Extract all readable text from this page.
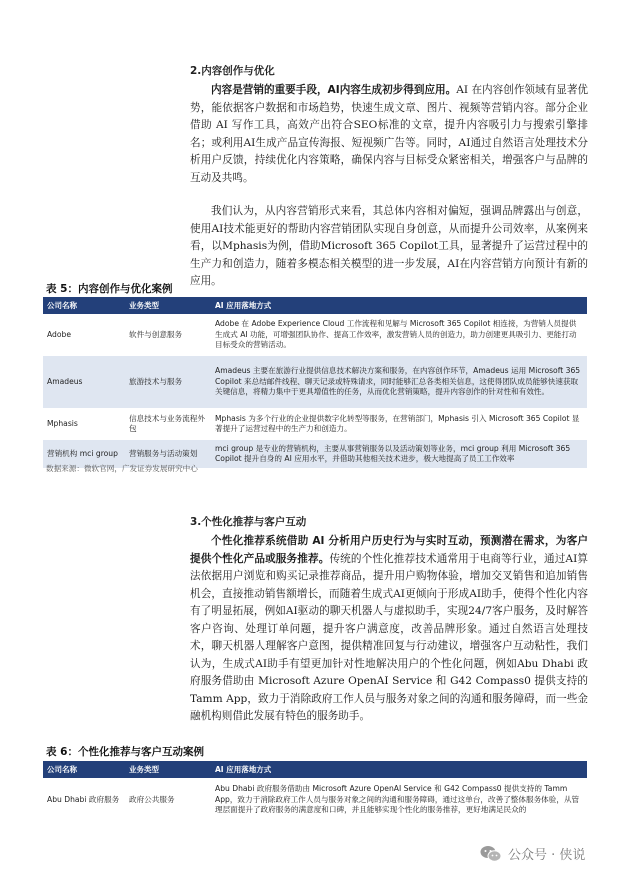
2.内容创作与优化
内容是营销的重要手段，AI内容生成初步得到应用。AI 在内容创作领域有显著优势，能依据客户数据和市场趋势，快速生成文章、图片、视频等营销内容。部分企业借助 AI 写作工具，高效产出符合SEO标准的文章，提升内容吸引力与搜索引擎排名；或利用AI生成产品宣传海报、短视频广告等。同时，AI通过自然语言处理技术分析用户反馈，持续优化内容策略，确保内容与目标受众紧密相关，增强客户与品牌的互动及共鸣。
我们认为，从内容营销形式来看，其总体内容相对偏短，强调品牌露出与创意，使用AI技术能更好的帮助内容营销团队实现自身创意，从而提升公司效率，从案例来看，以Mphasis为例，借助Microsoft 365 Copilot工具，显著提升了运营过程中的生产力和创造力，随着多模态相关模型的进一步发展，AI在内容营销方向预计有新的应用。
表 5：内容创作与优化案例
公司名称	业务类型	AI 应用落地方式
Adobe	软件与创意服务	Adobe 在 Adobe Experience Cloud 工作流程和见解与 Microsoft 365 Copilot 相连接，为营销人员提供生成式 AI 功能，可增强团队协作、提高工作效率，激发营销人员的创造力，助力创建更具吸引力、更能打动目标受众的营销活动。
Amadeus	旅游技术与服务	Amadeus 主要在旅游行业提供信息技术解决方案和服务，在内容创作环节，Amadeus 运用 Microsoft 365 Copilot 来总结邮件线程、聊天记录或特殊请求，同时能够汇总各类相关信息，这使得团队成员能够快速获取关键信息，将精力集中于更具增值性的任务，从而优化营销策略，提升内容创作的针对性和有效性。
Mphasis	信息技术与业务流程外包	Mphasis 为多个行业的企业提供数字化转型等服务，在营销部门，Mphasis 引入 Microsoft 365 Copilot 显著提升了运营过程中的生产力和创造力。
营销机构 mci group	营销服务与活动策划	mci group 是专业的营销机构，主要从事营销服务以及活动策划等业务，mci group 利用 Microsoft 365 Copilot 提升自身的 AI 应用水平，并借助其他相关技术进步，极大地提高了员工工作效率
数据来源：微软官网，广发证券发展研究中心
3.个性化推荐与客户互动
个性化推荐系统借助 AI 分析用户历史行为与实时互动，预测潜在需求，为客户提供个性化产品或服务推荐。传统的个性化推荐技术通常用于电商等行业，通过AI算法依据用户浏览和购买记录推荐商品，提升用户购物体验，增加交叉销售和追加销售机会，直接推动销售额增长，而随着生成式AI更倾向于形成AI助手，使得个性化内容有了明显拓展，例如AI驱动的聊天机器人与虚拟助手，实现24/7客户服务，及时解答客户咨询、处理订单问题，提升客户满意度，改善品牌形象。通过自然语言处理技术，聊天机器人理解客户意图，提供精准回复与行动建议，增强客户互动粘性，我们认为，生成式AI助手有望更加针对性地解决用户的个性化问题，例如Abu Dhabi 政府服务借助由 Microsoft Azure OpenAI Service 和 G42 Compass0 提供支持的 Tamm App，致力于消除政府工作人员与服务对象之间的沟通和服务障碍，而一些金融机构则借此发展有特色的服务助手。
表 6：个性化推荐与客户互动案例
公司名称	业务类型	AI 应用落地方式
Abu Dhabi 政府服务	政府公共服务	Abu Dhabi 政府服务借助由 Microsoft Azure OpenAI Service 和 G42 Compass0 提供支持的 Tamm App，致力于消除政府工作人员与服务对象之间的沟通和服务障碍，通过这单台，改善了整体服务体验，从管理层面提升了政府服务的满意度和口碑，并且能够实现个性化的服务推荐，更好地满足民众的
公众号 · 侠说
